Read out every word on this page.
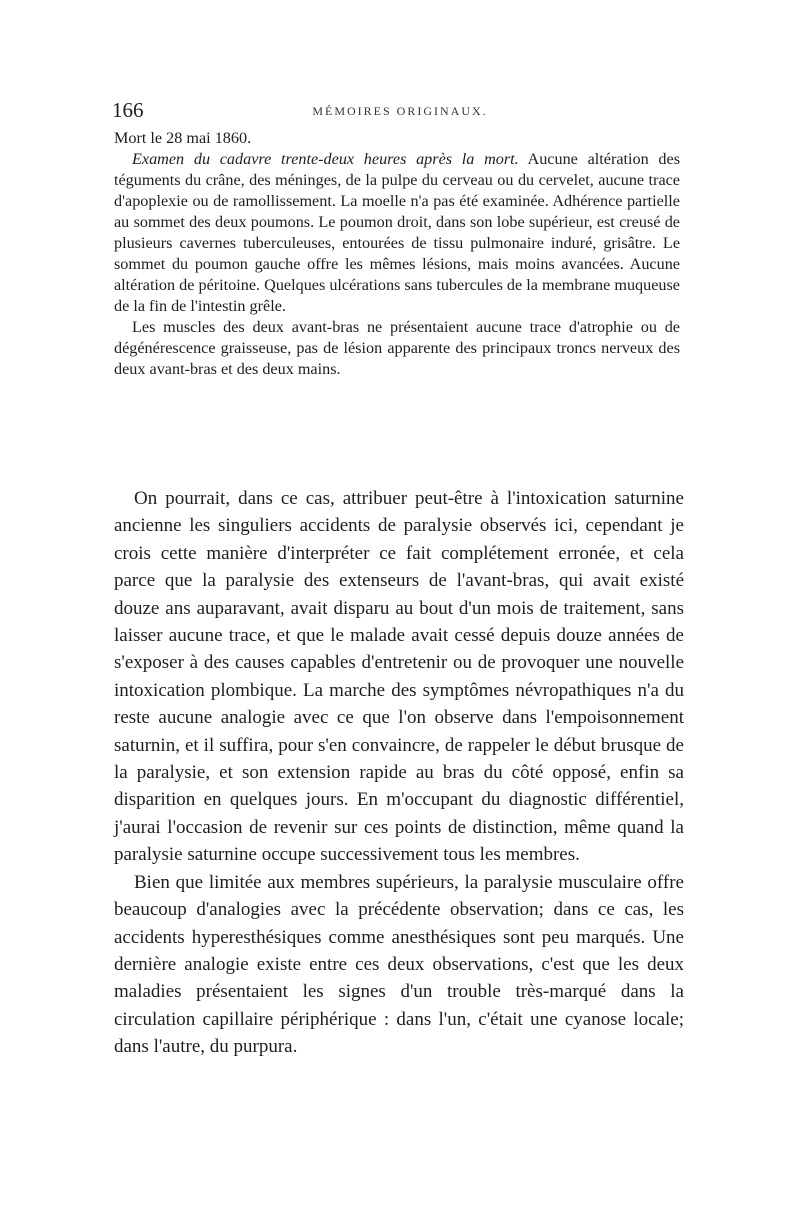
166	MÉMOIRES ORIGINAUX.

Mort le 28 mai 1860.

Examen du cadavre trente-deux heures après la mort. Aucune altération des téguments du crâne, des méninges, de la pulpe du cerveau ou du cervelet, aucune trace d'apoplexie ou de ramollissement. La moelle n'a pas été examinée. Adhérence partielle au sommet des deux poumons. Le poumon droit, dans son lobe supérieur, est creusé de plusieurs cavernes tuberculeuses, entourées de tissu pulmonaire induré, grisâtre. Le sommet du poumon gauche offre les mêmes lésions, mais moins avancées. Aucune altération de péritoine. Quelques ulcérations sans tubercules de la membrane muqueuse de la fin de l'intestin grêle.

Les muscles des deux avant-bras ne présentaient aucune trace d'atrophie ou de dégénérescence graisseuse, pas de lésion apparente des principaux troncs nerveux des deux avant-bras et des deux mains.

On pourrait, dans ce cas, attribuer peut-être à l'intoxication saturnine ancienne les singuliers accidents de paralysie observés ici, cependant je crois cette manière d'interpréter ce fait complétement erronée, et cela parce que la paralysie des extenseurs de l'avant-bras, qui avait existé douze ans auparavant, avait disparu au bout d'un mois de traitement, sans laisser aucune trace, et que le malade avait cessé depuis douze années de s'exposer à des causes capables d'entretenir ou de provoquer une nouvelle intoxication plombique. La marche des symptômes névropathiques n'a du reste aucune analogie avec ce que l'on observe dans l'empoisonnement saturnin, et il suffira, pour s'en convaincre, de rappeler le début brusque de la paralysie, et son extension rapide au bras du côté opposé, enfin sa disparition en quelques jours. En m'occupant du diagnostic différentiel, j'aurai l'occasion de revenir sur ces points de distinction, même quand la paralysie saturnine occupe successivement tous les membres.

Bien que limitée aux membres supérieurs, la paralysie musculaire offre beaucoup d'analogies avec la précédente observation; dans ce cas, les accidents hyperesthésiques comme anesthésiques sont peu marqués. Une dernière analogie existe entre ces deux observations, c'est que les deux maladies présentaient les signes d'un trouble très-marqué dans la circulation capillaire périphérique : dans l'un, c'était une cyanose locale; dans l'autre, du purpura.
